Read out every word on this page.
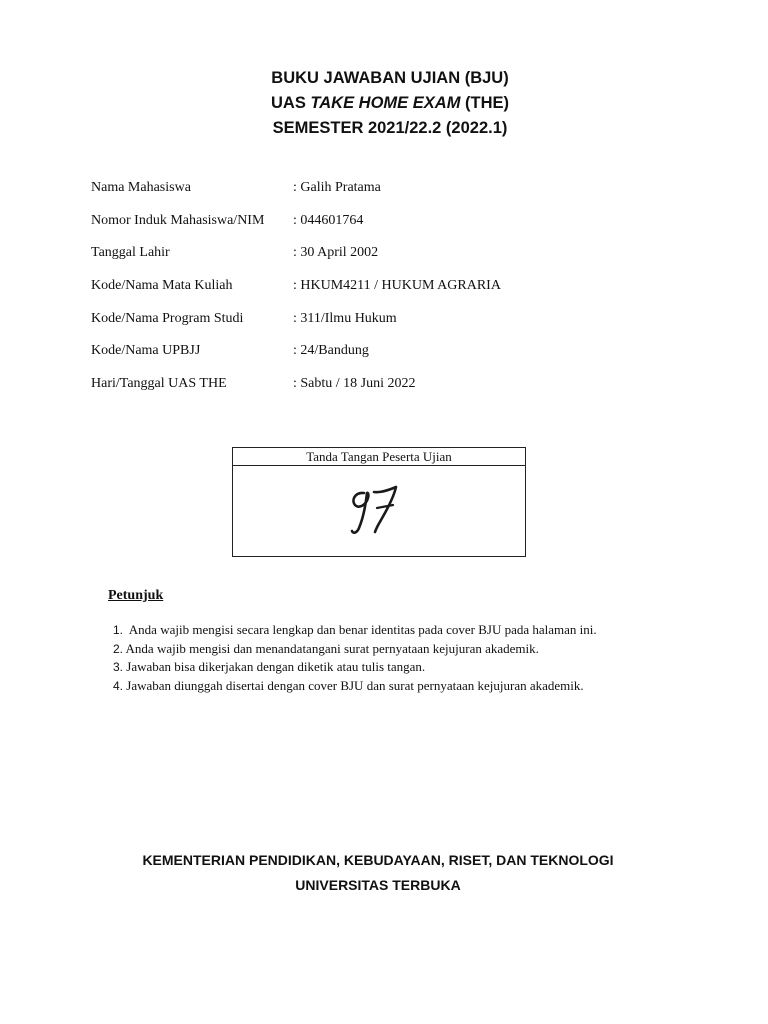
BUKU JAWABAN UJIAN (BJU)
UAS TAKE HOME EXAM (THE)
SEMESTER 2021/22.2 (2022.1)
Nama Mahasiswa	: Galih Pratama
Nomor Induk Mahasiswa/NIM : 044601764
Tanggal Lahir	: 30 April 2002
Kode/Nama Mata Kuliah	: HKUM4211 / HUKUM AGRARIA
Kode/Nama Program Studi	: 311/Ilmu Hukum
Kode/Nama UPBJJ	: 24/Bandung
Hari/Tanggal UAS THE	: Sabtu / 18 Juni 2022
Tanda Tangan Peserta Ujian
Petunjuk
1.  Anda wajib mengisi secara lengkap dan benar identitas pada cover BJU pada halaman ini.
2. Anda wajib mengisi dan menandatangani surat pernyataan kejujuran akademik.
3. Jawaban bisa dikerjakan dengan diketik atau tulis tangan.
4. Jawaban diunggah disertai dengan cover BJU dan surat pernyataan kejujuran akademik.
KEMENTERIAN PENDIDIKAN, KEBUDAYAAN, RISET, DAN TEKNOLOGI
UNIVERSITAS TERBUKA
